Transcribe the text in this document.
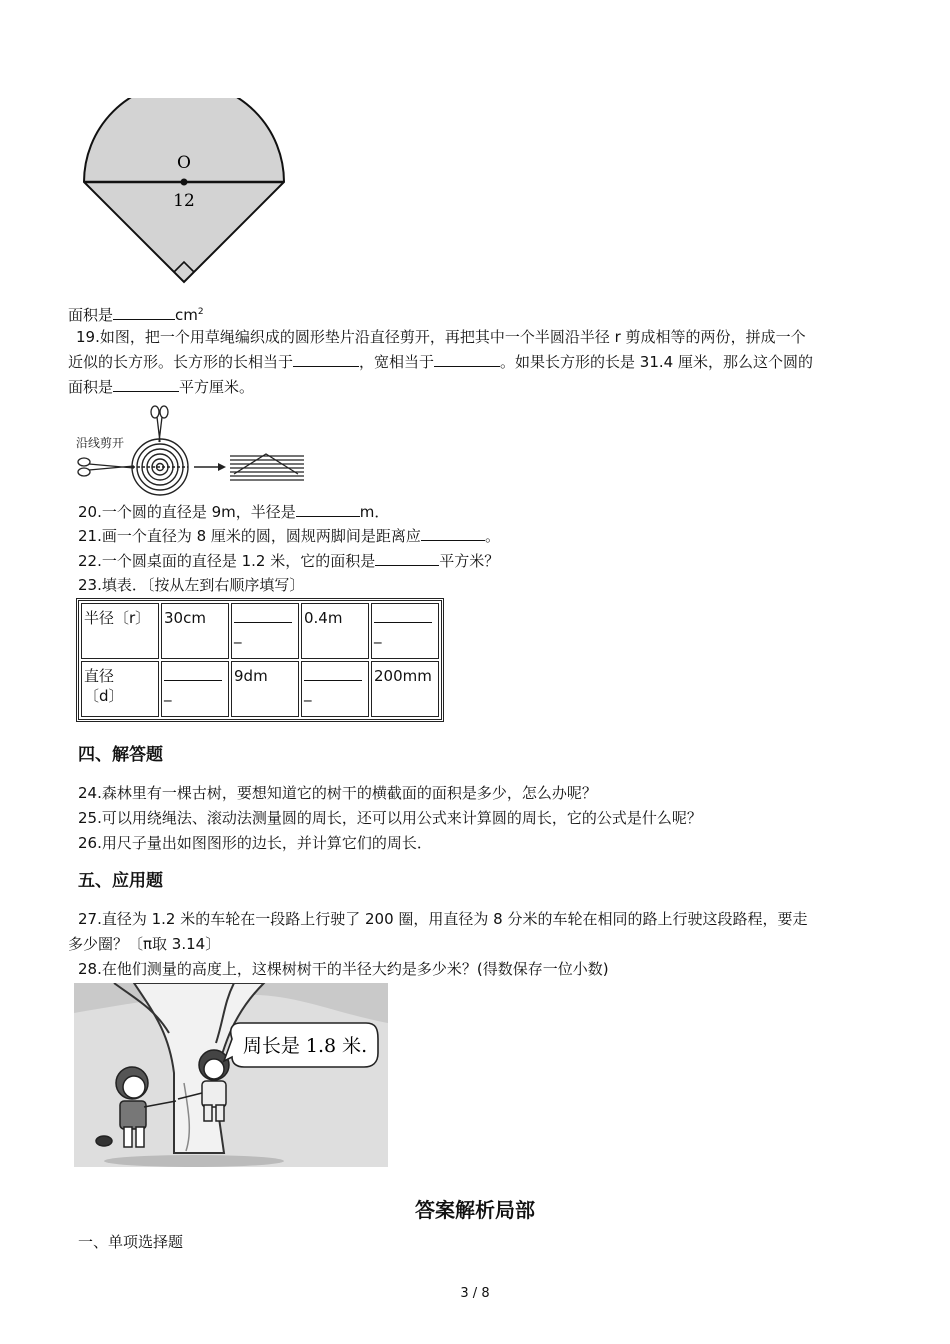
O
12
面积是	$cm^2$
19.如图，把一个用草绳编织成的圆形垫片沿直径剪开，再把其中一个半圆沿半径 r 剪成相等的两份，拼成一个
近似的长方形。长方形的长相当于	，宽相当于	。如果长方形的长是 31.4 厘米，那么这个圆的
面积是	平方厘米。
沿线剪开
20.一个圆的直径是 9m，半径是	m．
21.画一个直径为 8 厘米的圆，圆规两脚间是距离应	。
22.一个圆桌面的直径是 1.2 米，它的面积是	平方米？
23.填表．〔按从左到右顺序填写〕
半径〔r〕	30cm	_	0.4m	_

直径
〔d〕	_	9dm	_	200mm
四、解答题
24.森林里有一棵古树，要想知道它的树干的横截面的面积是多少，怎么办呢？
25.可以用绕绳法、滚动法测量圆的周长，还可以用公式来计算圆的周长，它的公式是什么呢？
26.用尺子量出如图图形的边长，并计算它们的周长．
五、应用题
27.直径为 1.2 米的车轮在一段路上行驶了 200 圈，用直径为 8 分米的车轮在相同的路上行驶这段路程，要走
多少圈？〔π取 3.14〕
28.在他们测量的高度上，这棵树树干的半径大约是多少米？(得数保存一位小数)
周长是 1.8 米.
答案解析局部
一、单项选择题
3 / 8
